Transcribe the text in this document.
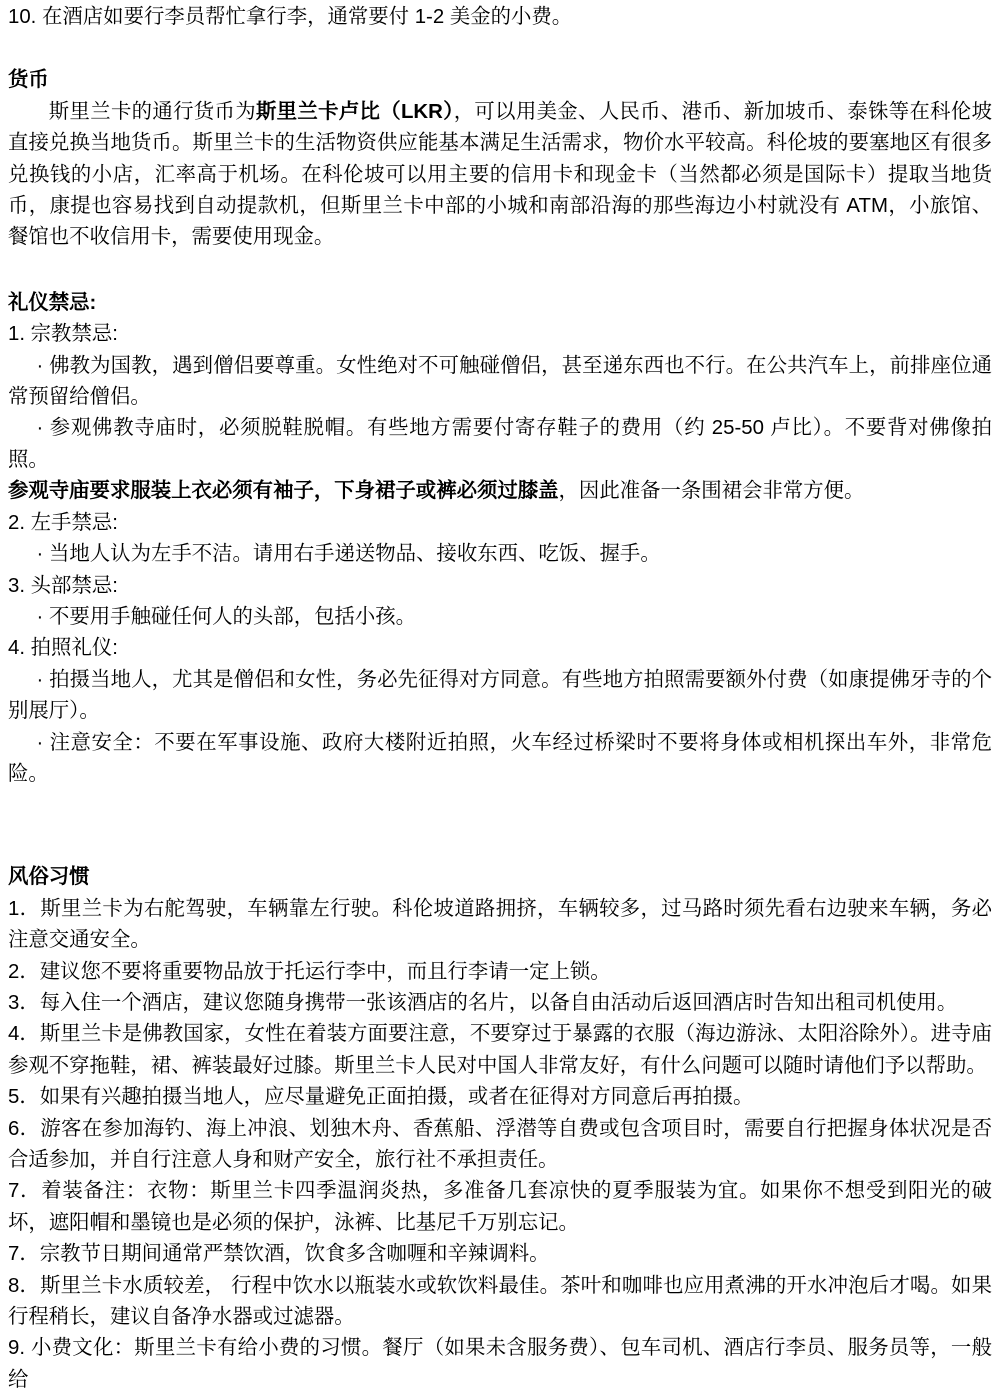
10. 在酒店如要行李员帮忙拿行李，通常要付 1-2 美金的小费。

货币

斯里兰卡的通行货币为斯里兰卡卢比（LKR），可以用美金、人民币、港币、新加坡币、泰铢等在科伦坡直接兑换当地货币。斯里兰卡的生活物资供应能基本满足生活需求，物价水平较高。科伦坡的要塞地区有很多兑换钱的小店，汇率高于机场。在科伦坡可以用主要的信用卡和现金卡（当然都必须是国际卡）提取当地货币，康提也容易找到自动提款机，但斯里兰卡中部的小城和南部沿海的那些海边小村就没有 ATM，小旅馆、餐馆也不收信用卡，需要使用现金。

礼仪禁忌:

1. 宗教禁忌:

· 佛教为国教，遇到僧侣要尊重。女性绝对不可触碰僧侣，甚至递东西也不行。在公共汽车上，前排座位通常预留给僧侣。

· 参观佛教寺庙时，必须脱鞋脱帽。有些地方需要付寄存鞋子的费用（约 25-50 卢比）。不要背对佛像拍照。

参观寺庙要求服装上衣必须有袖子，下身裙子或裤必须过膝盖，因此准备一条围裙会非常方便。

2. 左手禁忌:

· 当地人认为左手不洁。请用右手递送物品、接收东西、吃饭、握手。

3. 头部禁忌:

· 不要用手触碰任何人的头部，包括小孩。

4. 拍照礼仪:

· 拍摄当地人，尤其是僧侣和女性，务必先征得对方同意。有些地方拍照需要额外付费（如康提佛牙寺的个别展厅）。

· 注意安全：不要在军事设施、政府大楼附近拍照，火车经过桥梁时不要将身体或相机探出车外，非常危险。

风俗习惯

1．斯里兰卡为右舵驾驶，车辆靠左行驶。科伦坡道路拥挤，车辆较多，过马路时须先看右边驶来车辆，务必注意交通安全。

2．建议您不要将重要物品放于托运行李中，而且行李请一定上锁。

3．每入住一个酒店，建议您随身携带一张该酒店的名片，以备自由活动后返回酒店时告知出租司机使用。

4．斯里兰卡是佛教国家，女性在着装方面要注意，不要穿过于暴露的衣服（海边游泳、太阳浴除外）。进寺庙参观不穿拖鞋，裙、裤装最好过膝。斯里兰卡人民对中国人非常友好，有什么问题可以随时请他们予以帮助。

5．如果有兴趣拍摄当地人，应尽量避免正面拍摄，或者在征得对方同意后再拍摄。

6．游客在参加海钓、海上冲浪、划独木舟、香蕉船、浮潜等自费或包含项目时，需要自行把握身体状况是否合适参加，并自行注意人身和财产安全，旅行社不承担责任。

7．着装备注：衣物：斯里兰卡四季温润炎热，多准备几套凉快的夏季服装为宜。如果你不想受到阳光的破坏，遮阳帽和墨镜也是必须的保护，泳裤、比基尼千万别忘记。

7．宗教节日期间通常严禁饮酒，饮食多含咖喱和辛辣调料。

8．斯里兰卡水质较差， 行程中饮水以瓶装水或软饮料最佳。茶叶和咖啡也应用煮沸的开水冲泡后才喝。如果行程稍长，建议自备净水器或过滤器。

9. 小费文化：斯里兰卡有给小费的习惯。餐厅（如果未含服务费）、包车司机、酒店行李员、服务员等，一般给
